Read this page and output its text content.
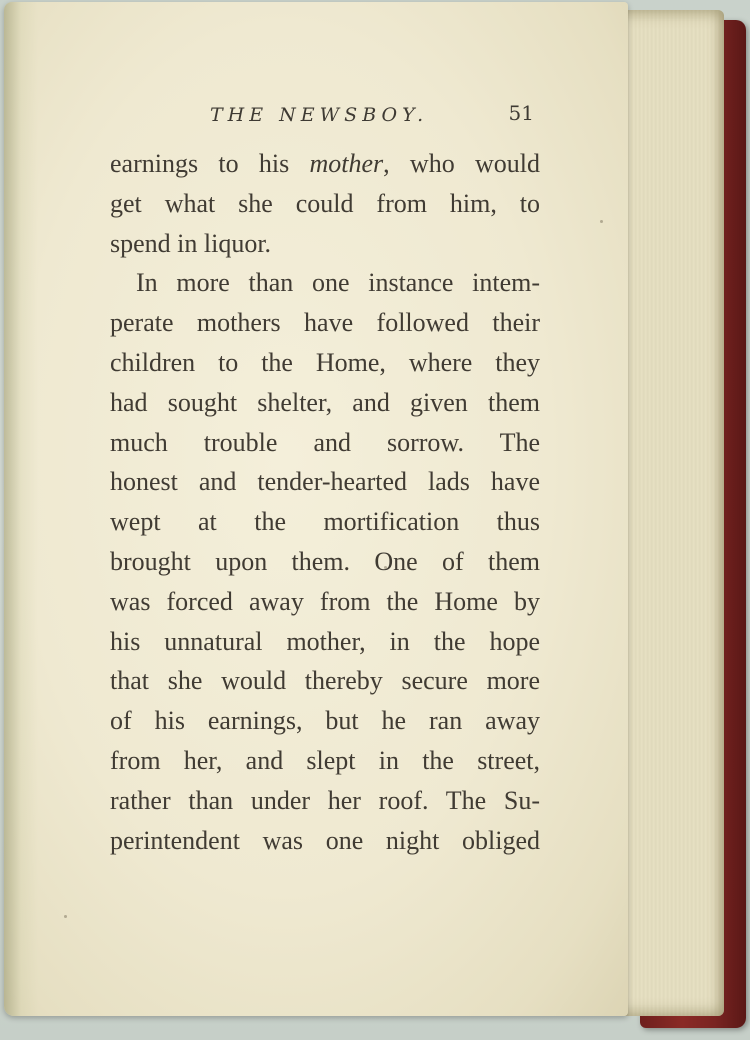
THE NEWSBOY.	51
earnings to his mother, who would
get what she could from him, to
spend in liquor.
In more than one instance intem-
perate mothers have followed their
children to the Home, where they
had sought shelter, and given them
much trouble and sorrow. The
honest and tender-hearted lads have
wept at the mortification thus
brought upon them. One of them
was forced away from the Home by
his unnatural mother, in the hope
that she would thereby secure more
of his earnings, but he ran away
from her, and slept in the street,
rather than under her roof. The Su-
perintendent was one night obliged
